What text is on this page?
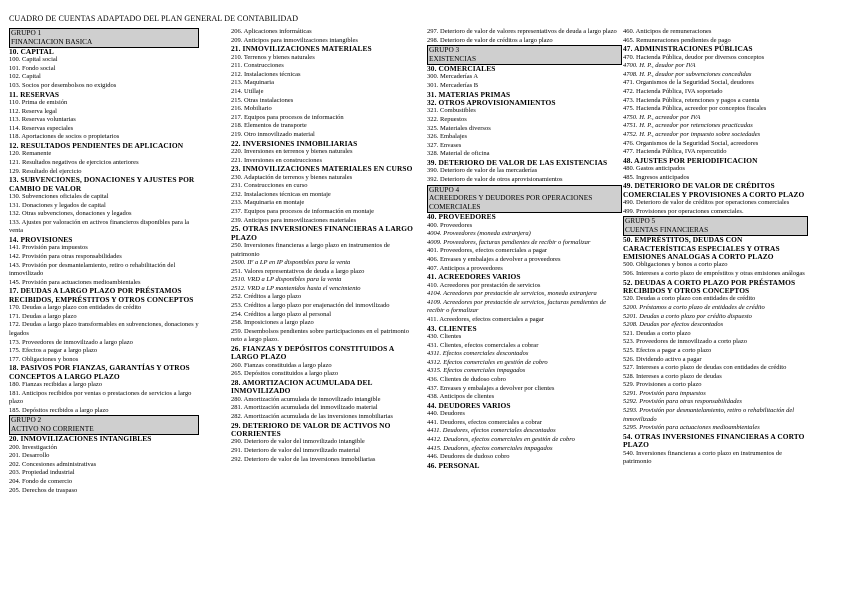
CUADRO DE CUENTAS ADAPTADO DEL PLAN GENERAL DE CONTABILIDAD
GRUPO 1
FINANCIACION BASICA
10. CAPITAL
100. Capital social
101. Fondo social
102. Capital
103. Socios por desembolsos no exigidos
11. RESERVAS
110. Prima de emisión
112. Reserva legal
113. Reservas voluntarias
114. Reservas especiales
118. Aportaciones de socios o propietarios
12. RESULTADOS PENDIENTES DE APLICACION
120. Remanente
121. Resultados negativos de ejercicios anteriores
129. Resultado del ejercicio
13. SUBVENCIONES, DONACIONES Y AJUSTES POR CAMBIO DE VALOR
130. Subvenciones oficiales de capital
131. Donaciones y legados de capital
132. Otras subvenciones, donaciones y legados
133. Ajustes por valoración en activos financieros disponibles para la venta
14. PROVISIONES
141. Provisión para impuestos
142. Provisión para otras responsabilidades
143. Provisión por desmantelamiento, retiro o rehabilitación del inmovilizado
145. Provisión para actuaciones medioambientales
17. DEUDAS A LARGO PLAZO POR PRÉSTAMOS RECIBIDOS, EMPRÉSTITOS Y OTROS CONCEPTOS
170. Deudas a largo plazo con entidades de crédito
171. Deudas a largo plazo
172. Deudas a largo plazo transformables en subvenciones, donaciones y legados
173. Proveedores de inmovilizado a largo plazo
175. Efectos a pagar a largo plazo
177. Obligaciones y bonos
18. PASIVOS POR FIANZAS, GARANTÍAS Y OTROS CONCEPTOS A LARGO PLAZO
180. Fianzas recibidas a largo plazo
181. Anticipos recibidos por ventas o prestaciones de servicios a largo plazo
185. Depósitos recibidos a largo plazo
GRUPO 2
ACTIVO NO CORRIENTE
20. INMOVILIZACIONES INTANGIBLES
200. Investigación
201. Desarrollo
202. Concesiones administrativas
203. Propiedad industrial
204. Fondo de comercio
205. Derechos de traspaso
206. Aplicaciones informáticas
209. Anticipos para inmovilizaciones intangibles
21. INMOVILIZACIONES MATERIALES
210. Terrenos y bienes naturales
211. Construcciones
212. Instalaciones técnicas
213. Maquinaria
214. Utillaje
215. Otras instalaciones
216. Mobiliario
217. Equipos para procesos de información
218. Elementos de transporte
219. Otro inmovilizado material
22. INVERSIONES INMOBILIARIAS
220. Inversiones en terrenos y bienes naturales
221. Inversiones en construcciones
23. INMOVILIZACIONES MATERIALES EN CURSO
230. Adaptación de terrenos y bienes naturales
231. Construcciones en curso
232. Instalaciones técnicas en montaje
233. Maquinaria en montaje
237. Equipos para procesos de información en montaje
239. Anticipos para inmovilizaciones materiales
25. OTRAS INVERSIONES FINANCIERAS A LARGO PLAZO
250. Inversiones financieras a largo plazo en instrumentos de patrimonio
2500. IF a LP en IP disponibles para la venta
251. Valores representativos de deuda a largo plazo
2510. VRD a LP disponibles para la venta
2512. VRD a LP mantenidos hasta el vencimiento
252. Créditos a largo plazo
253. Créditos a largo plazo por enajenación del inmovilizado
254. Créditos a largo plazo al personal
258. Imposiciones a largo plazo
259. Desembolsos pendientes sobre participaciones en el patrimonio neto a largo plazo.
26. FIANZAS Y DEPÓSITOS CONSTITUIDOS A LARGO PLAZO
260. Fianzas constituidas a largo plazo
265. Depósitos constituidos a largo plazo
28. AMORTIZACION ACUMULADA DEL INMOVILIZADO
280. Amortización acumulada de inmovilizado intangible
281. Amortización acumulada del inmovilizado material
282. Amortización acumulada de las inversiones inmobiliarias
29. DETERIORO DE VALOR DE ACTIVOS NO CORRIENTES
290. Deterioro de valor del inmovilizado intangible
291. Deterioro de valor del inmovilizado material
292. Deterioro de valor de las inversiones inmobiliarias
297. Deterioro de valor de valores representativos de deuda a largo plazo
298. Deterioro de valor de créditos a largo plazo
GRUPO 3
EXISTENCIAS
30. COMERCIALES
300. Mercaderías A
301. Mercaderías B
31. MATERIAS PRIMAS
32. OTROS APROVISIONAMIENTOS
321. Combustibles
322. Repuestos
325. Materiales diversos
326. Embalajes
327. Envases
328. Material de oficina
39. DETERIORO DE VALOR DE LAS EXISTENCIAS
390. Deterioro de valor de las mercaderías
392. Deterioro de valor de otros aprovisionamientos
GRUPO 4
ACREEDORES Y DEUDORES POR OPERACIONES COMERCIALES
40. PROVEEDORES
400. Proveedores
4004. Proveedores (moneda extranjera)
4009. Proveedores, facturas pendientes de recibir o formalizar
401. Proveedores, efectos comerciales a pagar
406. Envases y embalajes a devolver a proveedores
407. Anticipos a proveedores
41. ACREEDORES VARIOS
410. Acreedores por prestación de servicios
4104. Acreedores por prestación de servicios, moneda extranjera
4109. Acreedores por prestación de servicios, facturas pendientes de recibir o formalizar
411. Acreedores, efectos comerciales a pagar
43. CLIENTES
430. Clientes
431. Clientes, efectos comerciales a cobrar
4311. Efectos comerciales descontados
4312. Efectos comerciales en gestión de cobro
4315. Efectos comerciales impagados
436. Clientes de dudoso cobro
437. Envases y embalajes a devolver por clientes
438. Anticipos de clientes
44. DEUDORES VARIOS
440. Deudores
441. Deudores, efectos comerciales a cobrar
4411. Deudores, efectos comerciales descontados
4412. Deudores, efectos comerciales en gestión de cobro
4415. Deudores, efectos comerciales impagados
446. Deudores de dudoso cobro
46. PERSONAL
460. Anticipos de remuneraciones
465. Remuneraciones pendientes de pago
47. ADMINISTRACIONES PÚBLICAS
470. Hacienda Pública, deudor por diversos conceptos
4700. H. P., deudor por IVA
4708. H. P., deudor por subvenciones concedidas
471. Organismos de la Seguridad Social, deudores
472. Hacienda Pública, IVA soportado
473. Hacienda Pública, retenciones y pagos a cuenta
475. Hacienda Pública, acreedor por conceptos fiscales
4750. H. P., acreedor por IVA
4751. H. P., acreedor por retenciones practicadas
4752. H. P., acreedor por impuesto sobre sociedades
476. Organismos de la Seguridad Social, acreedores
477. Hacienda Pública, IVA repercutido
48. AJUSTES POR PERIODIFICACION
480. Gastos anticipados
485. Ingresos anticipados
49. DETERIORO DE VALOR DE CRÉDITOS COMERCIALES Y PROVISIONES A CORTO PLAZO
490. Deterioro de valor de créditos por operaciones comerciales
499. Provisiones por operaciones comerciales.
GRUPO 5
CUENTAS FINANCIERAS
50. EMPRÉSTITOS, DEUDAS CON CARACTERÍSTICAS ESPECIALES Y OTRAS EMISIONES ANALOGAS A CORTO PLAZO
500. Obligaciones y bonos a corto plazo
506. Intereses a corto plazo de empréstitos y otras emisiones análogas
52. DEUDAS A CORTO PLAZO POR PRÉSTAMOS RECIBIDOS Y OTROS CONCEPTOS
520. Deudas a corto plazo con entidades de crédito
5200. Préstamos a corto plazo de entidades de crédito
5201. Deudas a corto plazo por crédito dispuesto
5208. Deudas por efectos descontados
521. Deudas a corto plazo
523. Proveedores de inmovilizado a corto plazo
525. Efectos a pagar a corto plazo
526. Dividendo activo a pagar
527. Intereses a corto plazo de deudas con entidades de crédito
528. Intereses a corto plazo de deudas
529. Provisiones a corto plazo
5291. Provisión para impuestos
5292. Provisión para otras responsabilidades
5293. Provisión por desmantelamiento, retiro o rehabilitación del inmovilizado
5295. Provisión para actuaciones medioambientales
54. OTRAS INVERSIONES FINANCIERAS A CORTO PLAZO
540. Inversiones financieras a corto plazo en instrumentos de patrimonio
